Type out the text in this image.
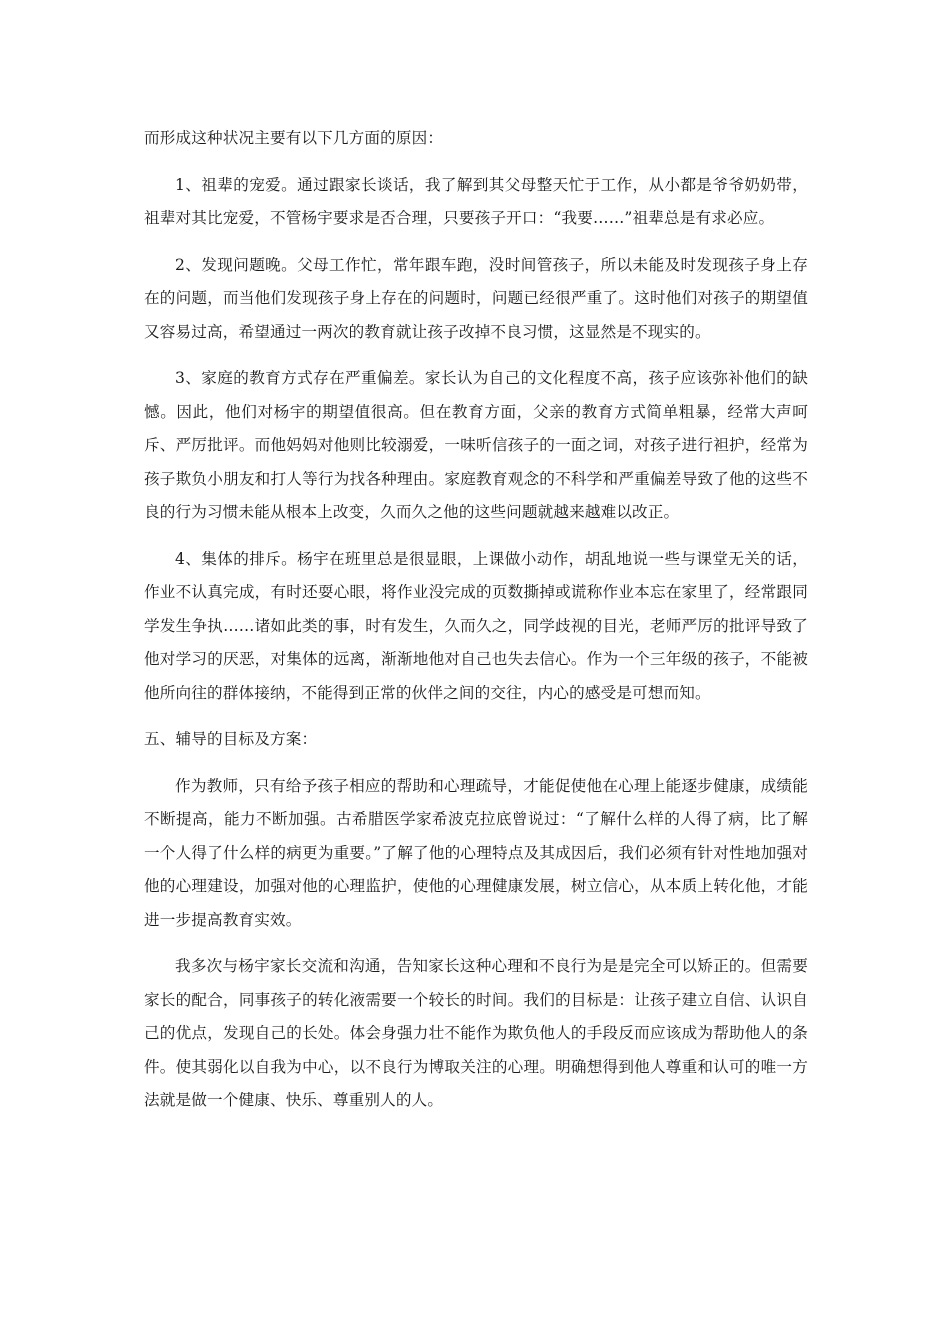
而形成这种状况主要有以下几方面的原因：

1、祖辈的宠爱。通过跟家长谈话，我了解到其父母整天忙于工作，从小都是爷爷奶奶带，祖辈对其比宠爱，不管杨宇要求是否合理，只要孩子开口：“我要……”祖辈总是有求必应。

2、发现问题晚。父母工作忙，常年跟车跑，没时间管孩子，所以未能及时发现孩子身上存在的问题，而当他们发现孩子身上存在的问题时，问题已经很严重了。这时他们对孩子的期望值又容易过高，希望通过一两次的教育就让孩子改掉不良习惯，这显然是不现实的。

3、家庭的教育方式存在严重偏差。家长认为自己的文化程度不高，孩子应该弥补他们的缺憾。因此，他们对杨宇的期望值很高。但在教育方面，父亲的教育方式简单粗暴，经常大声呵斥、严厉批评。而他妈妈对他则比较溺爱，一味听信孩子的一面之词，对孩子进行袒护，经常为孩子欺负小朋友和打人等行为找各种理由。家庭教育观念的不科学和严重偏差导致了他的这些不良的行为习惯未能从根本上改变，久而久之他的这些问题就越来越难以改正。

4、集体的排斥。杨宇在班里总是很显眼，上课做小动作，胡乱地说一些与课堂无关的话，作业不认真完成，有时还耍心眼，将作业没完成的页数撕掉或谎称作业本忘在家里了，经常跟同学发生争执……诸如此类的事，时有发生，久而久之，同学歧视的目光，老师严厉的批评导致了他对学习的厌恶，对集体的远离，渐渐地他对自己也失去信心。作为一个三年级的孩子，不能被他所向往的群体接纳，不能得到正常的伙伴之间的交往，内心的感受是可想而知。

五、辅导的目标及方案：

作为教师，只有给予孩子相应的帮助和心理疏导，才能促使他在心理上能逐步健康，成绩能不断提高，能力不断加强。古希腊医学家希波克拉底曾说过：“了解什么样的人得了病，比了解一个人得了什么样的病更为重要。”了解了他的心理特点及其成因后，我们必须有针对性地加强对他的心理建设，加强对他的心理监护，使他的心理健康发展，树立信心，从本质上转化他，才能进一步提高教育实效。

我多次与杨宇家长交流和沟通，告知家长这种心理和不良行为是是完全可以矫正的。但需要家长的配合，同事孩子的转化液需要一个较长的时间。我们的目标是：让孩子建立自信、认识自己的优点，发现自己的长处。体会身强力壮不能作为欺负他人的手段反而应该成为帮助他人的条件。使其弱化以自我为中心，以不良行为博取关注的心理。明确想得到他人尊重和认可的唯一方法就是做一个健康、快乐、尊重别人的人。
